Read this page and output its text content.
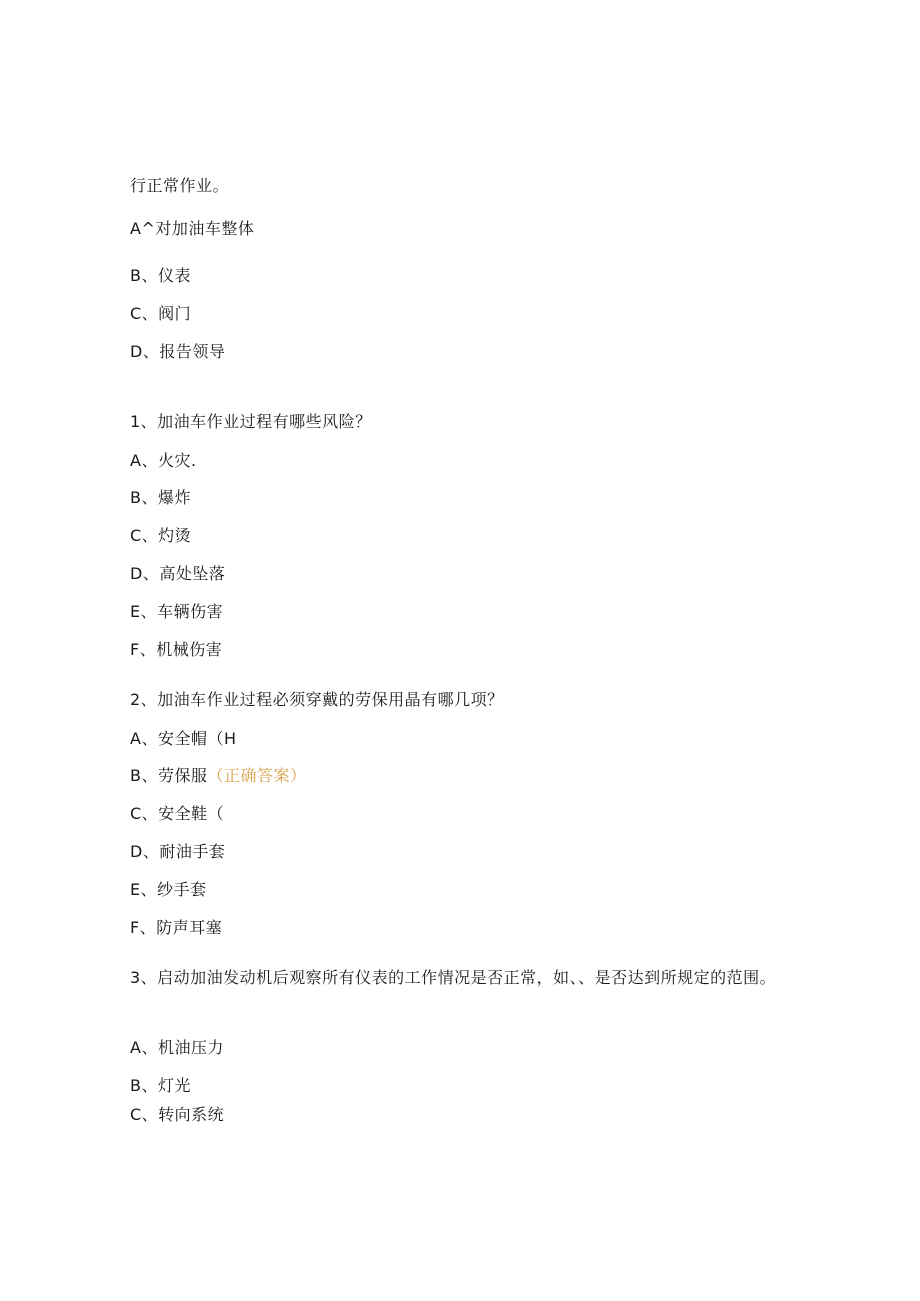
行正常作业。
A^对加油车整体
B、仪表
C、阀门
D、报告领导
1、加油车作业过程有哪些风险？
A、火灾.
B、爆炸
C、灼烫
D、高处坠落
E、车辆伤害
F、机械伤害
2、加油车作业过程必须穿戴的劳保用晶有哪几项？
A、安全帽（H
B、劳保服（正确答案）
C、安全鞋（
D、耐油手套
E、纱手套
F、防声耳塞
3、启动加油发动机后观察所有仪表的工作情况是否正常，如、、是否达到所规定的范围。
A、机油压力
B、灯光
C、转向系统
